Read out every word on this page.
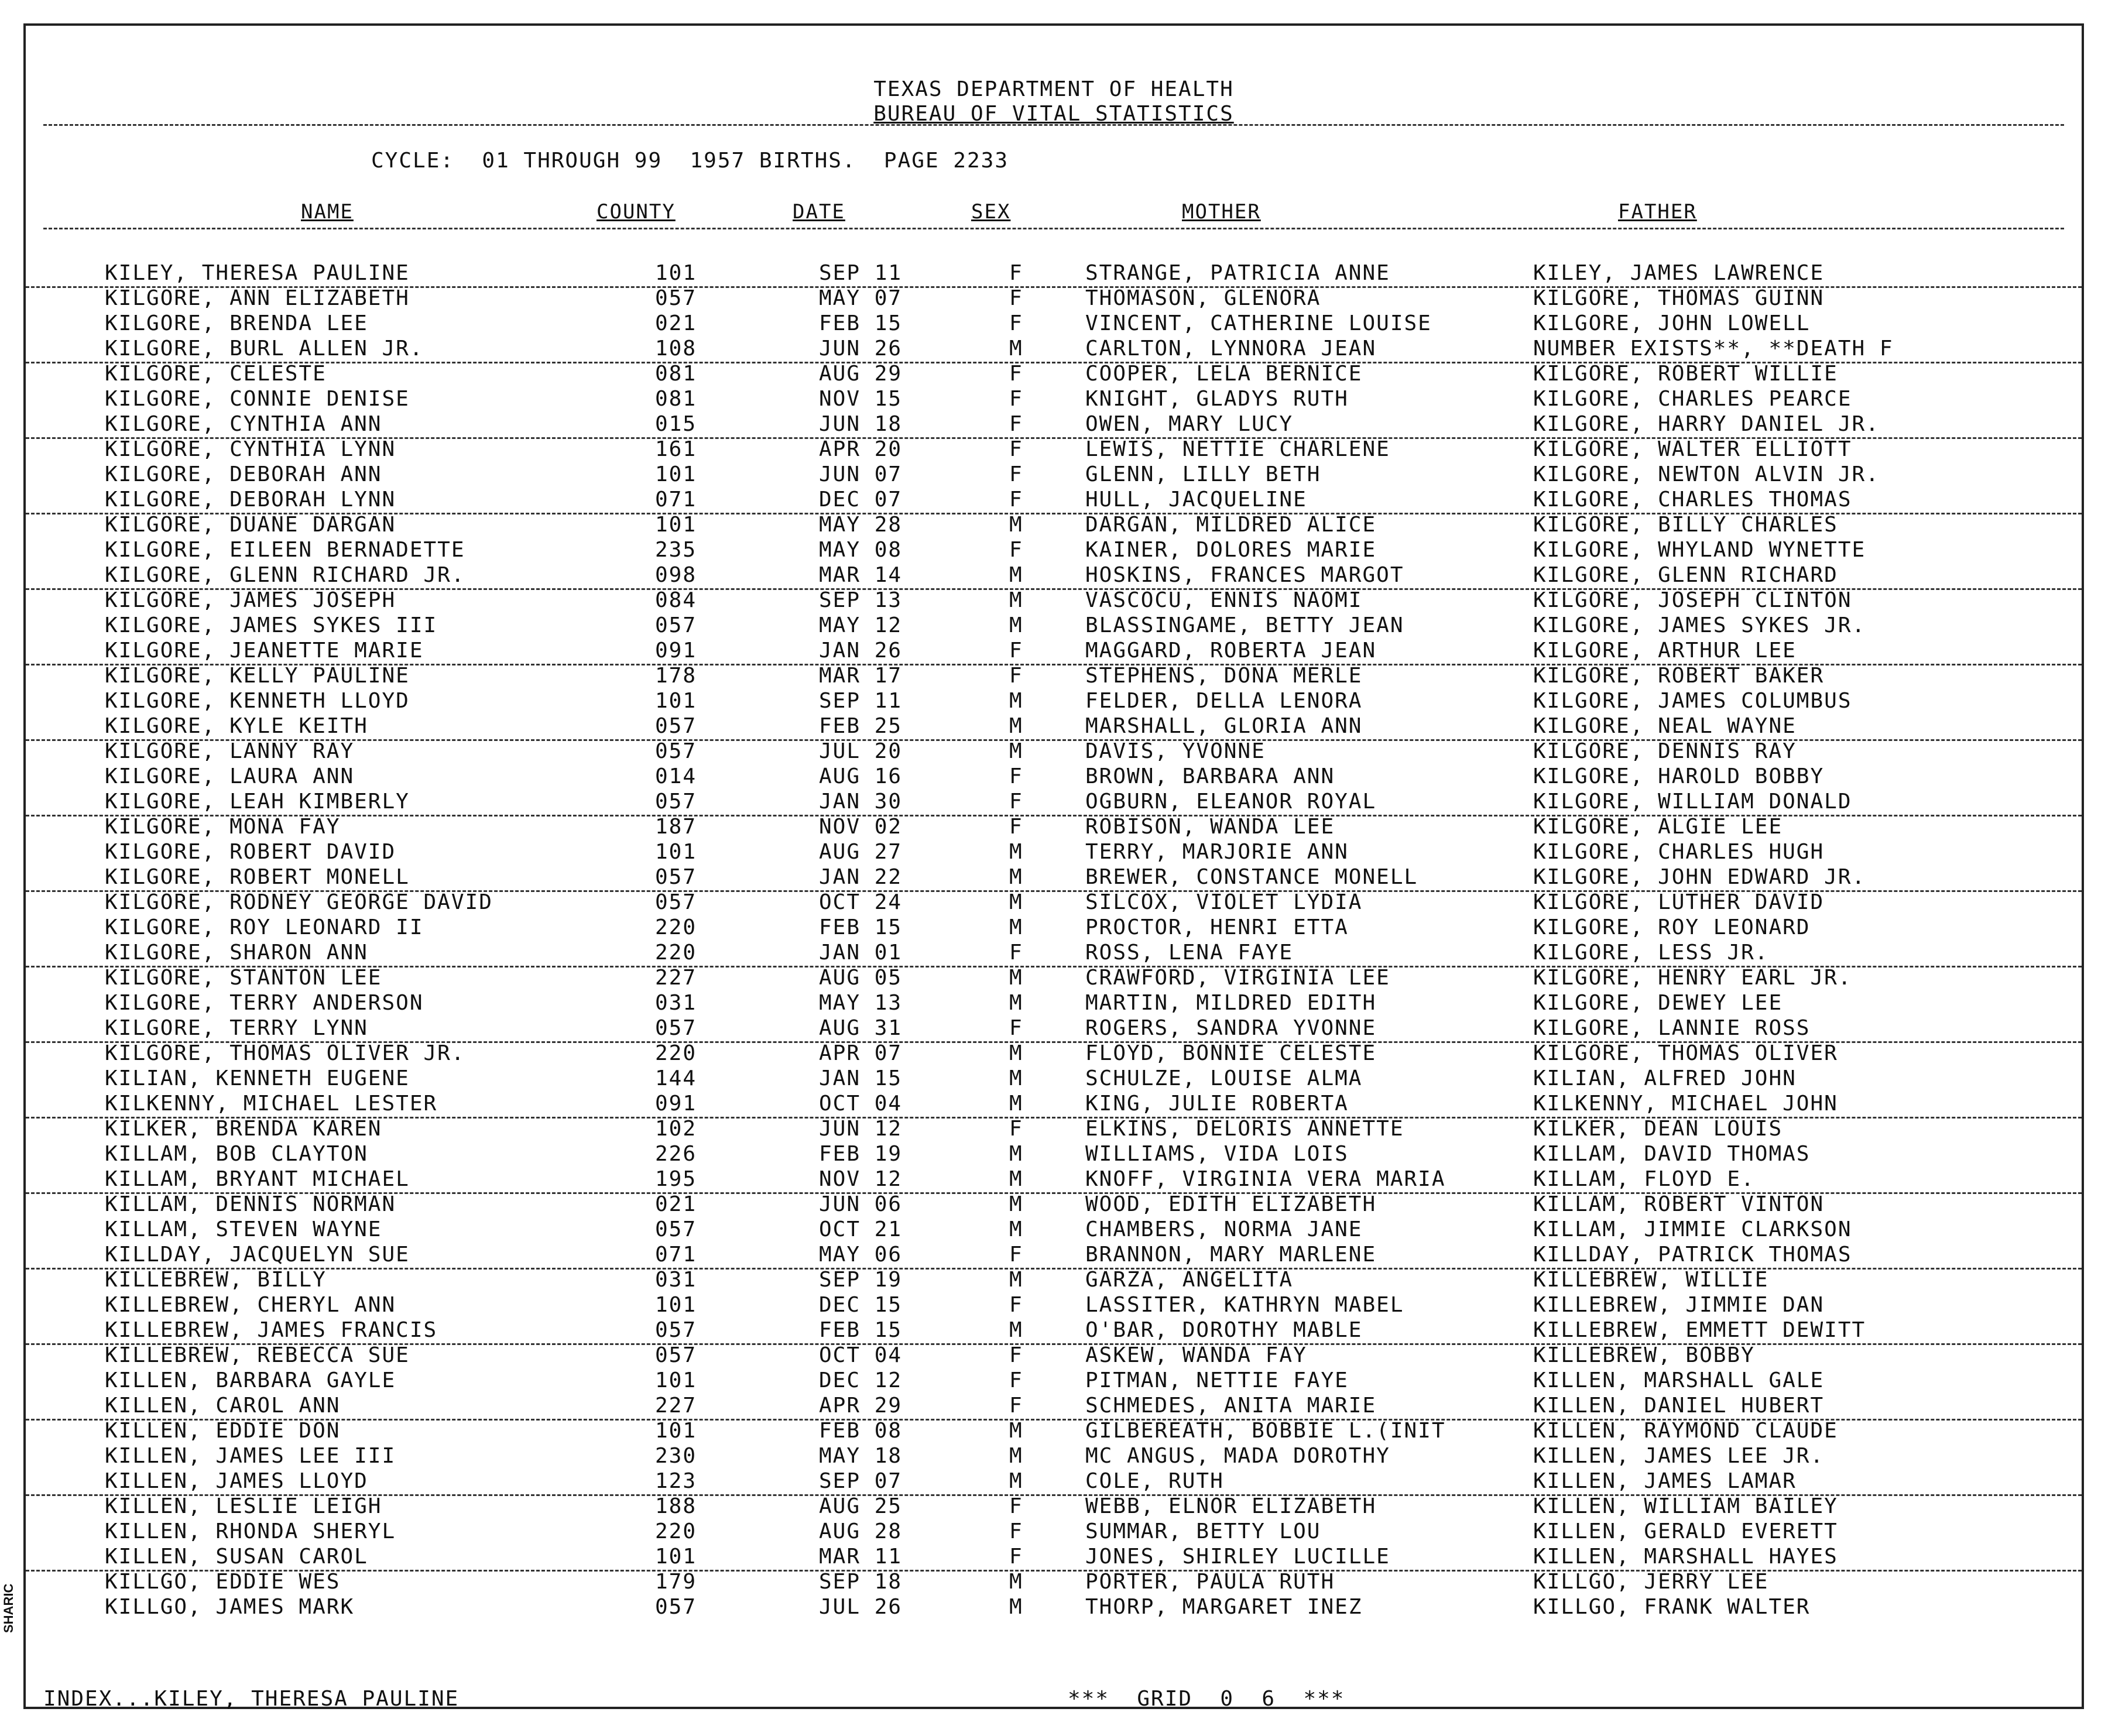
TEXAS DEPARTMENT OF HEALTH
BUREAU OF VITAL STATISTICS
CYCLE:  01 THROUGH 99  1957 BIRTHS.  PAGE 2233
NAME	COUNTY	DATE	SEX	MOTHER	FATHER
KILEY, THERESA PAULINE	101	SEP 11	F	STRANGE, PATRICIA ANNE	KILEY, JAMES LAWRENCE
KILGORE, ANN ELIZABETH	057	MAY 07	F	THOMASON, GLENORA	KILGORE, THOMAS GUINN
KILGORE, BRENDA LEE	021	FEB 15	F	VINCENT, CATHERINE LOUISE	KILGORE, JOHN LOWELL
KILGORE, BURL ALLEN JR.	108	JUN 26	M	CARLTON, LYNNORA JEAN	NUMBER EXISTS**, **DEATH F
KILGORE, CELESTE	081	AUG 29	F	COOPER, LELA BERNICE	KILGORE, ROBERT WILLIE
KILGORE, CONNIE DENISE	081	NOV 15	F	KNIGHT, GLADYS RUTH	KILGORE, CHARLES PEARCE
KILGORE, CYNTHIA ANN	015	JUN 18	F	OWEN, MARY LUCY	KILGORE, HARRY DANIEL JR.
KILGORE, CYNTHIA LYNN	161	APR 20	F	LEWIS, NETTIE CHARLENE	KILGORE, WALTER ELLIOTT
KILGORE, DEBORAH ANN	101	JUN 07	F	GLENN, LILLY BETH	KILGORE, NEWTON ALVIN JR.
KILGORE, DEBORAH LYNN	071	DEC 07	F	HULL, JACQUELINE	KILGORE, CHARLES THOMAS
KILGORE, DUANE DARGAN	101	MAY 28	M	DARGAN, MILDRED ALICE	KILGORE, BILLY CHARLES
KILGORE, EILEEN BERNADETTE	235	MAY 08	F	KAINER, DOLORES MARIE	KILGORE, WHYLAND WYNETTE
KILGORE, GLENN RICHARD JR.	098	MAR 14	M	HOSKINS, FRANCES MARGOT	KILGORE, GLENN RICHARD
KILGORE, JAMES JOSEPH	084	SEP 13	M	VASCOCU, ENNIS NAOMI	KILGORE, JOSEPH CLINTON
KILGORE, JAMES SYKES III	057	MAY 12	M	BLASSINGAME, BETTY JEAN	KILGORE, JAMES SYKES JR.
KILGORE, JEANETTE MARIE	091	JAN 26	F	MAGGARD, ROBERTA JEAN	KILGORE, ARTHUR LEE
KILGORE, KELLY PAULINE	178	MAR 17	F	STEPHENS, DONA MERLE	KILGORE, ROBERT BAKER
KILGORE, KENNETH LLOYD	101	SEP 11	M	FELDER, DELLA LENORA	KILGORE, JAMES COLUMBUS
KILGORE, KYLE KEITH	057	FEB 25	M	MARSHALL, GLORIA ANN	KILGORE, NEAL WAYNE
KILGORE, LANNY RAY	057	JUL 20	M	DAVIS, YVONNE	KILGORE, DENNIS RAY
KILGORE, LAURA ANN	014	AUG 16	F	BROWN, BARBARA ANN	KILGORE, HAROLD BOBBY
KILGORE, LEAH KIMBERLY	057	JAN 30	F	OGBURN, ELEANOR ROYAL	KILGORE, WILLIAM DONALD
KILGORE, MONA FAY	187	NOV 02	F	ROBISON, WANDA LEE	KILGORE, ALGIE LEE
KILGORE, ROBERT DAVID	101	AUG 27	M	TERRY, MARJORIE ANN	KILGORE, CHARLES HUGH
KILGORE, ROBERT MONELL	057	JAN 22	M	BREWER, CONSTANCE MONELL	KILGORE, JOHN EDWARD JR.
KILGORE, RODNEY GEORGE DAVID	057	OCT 24	M	SILCOX, VIOLET LYDIA	KILGORE, LUTHER DAVID
KILGORE, ROY LEONARD II	220	FEB 15	M	PROCTOR, HENRI ETTA	KILGORE, ROY LEONARD
KILGORE, SHARON ANN	220	JAN 01	F	ROSS, LENA FAYE	KILGORE, LESS JR.
KILGORE, STANTON LEE	227	AUG 05	M	CRAWFORD, VIRGINIA LEE	KILGORE, HENRY EARL JR.
KILGORE, TERRY ANDERSON	031	MAY 13	M	MARTIN, MILDRED EDITH	KILGORE, DEWEY LEE
KILGORE, TERRY LYNN	057	AUG 31	F	ROGERS, SANDRA YVONNE	KILGORE, LANNIE ROSS
KILGORE, THOMAS OLIVER JR.	220	APR 07	M	FLOYD, BONNIE CELESTE	KILGORE, THOMAS OLIVER
KILIAN, KENNETH EUGENE	144	JAN 15	M	SCHULZE, LOUISE ALMA	KILIAN, ALFRED JOHN
KILKENNY, MICHAEL LESTER	091	OCT 04	M	KING, JULIE ROBERTA	KILKENNY, MICHAEL JOHN
KILKER, BRENDA KAREN	102	JUN 12	F	ELKINS, DELORIS ANNETTE	KILKER, DEAN LOUIS
KILLAM, BOB CLAYTON	226	FEB 19	M	WILLIAMS, VIDA LOIS	KILLAM, DAVID THOMAS
KILLAM, BRYANT MICHAEL	195	NOV 12	M	KNOFF, VIRGINIA VERA MARIA	KILLAM, FLOYD E.
KILLAM, DENNIS NORMAN	021	JUN 06	M	WOOD, EDITH ELIZABETH	KILLAM, ROBERT VINTON
KILLAM, STEVEN WAYNE	057	OCT 21	M	CHAMBERS, NORMA JANE	KILLAM, JIMMIE CLARKSON
KILLDAY, JACQUELYN SUE	071	MAY 06	F	BRANNON, MARY MARLENE	KILLDAY, PATRICK THOMAS
KILLEBREW, BILLY	031	SEP 19	M	GARZA, ANGELITA	KILLEBREW, WILLIE
KILLEBREW, CHERYL ANN	101	DEC 15	F	LASSITER, KATHRYN MABEL	KILLEBREW, JIMMIE DAN
KILLEBREW, JAMES FRANCIS	057	FEB 15	M	O'BAR, DOROTHY MABLE	KILLEBREW, EMMETT DEWITT
KILLEBREW, REBECCA SUE	057	OCT 04	F	ASKEW, WANDA FAY	KILLEBREW, BOBBY
KILLEN, BARBARA GAYLE	101	DEC 12	F	PITMAN, NETTIE FAYE	KILLEN, MARSHALL GALE
KILLEN, CAROL ANN	227	APR 29	F	SCHMEDES, ANITA MARIE	KILLEN, DANIEL HUBERT
KILLEN, EDDIE DON	101	FEB 08	M	GILBEREATH, BOBBIE L.(INIT	KILLEN, RAYMOND CLAUDE
KILLEN, JAMES LEE III	230	MAY 18	M	MC ANGUS, MADA DOROTHY	KILLEN, JAMES LEE JR.
KILLEN, JAMES LLOYD	123	SEP 07	M	COLE, RUTH	KILLEN, JAMES LAMAR
KILLEN, LESLIE LEIGH	188	AUG 25	F	WEBB, ELNOR ELIZABETH	KILLEN, WILLIAM BAILEY
KILLEN, RHONDA SHERYL	220	AUG 28	F	SUMMAR, BETTY LOU	KILLEN, GERALD EVERETT
KILLEN, SUSAN CAROL	101	MAR 11	F	JONES, SHIRLEY LUCILLE	KILLEN, MARSHALL HAYES
KILLGO, EDDIE WES	179	SEP 18	M	PORTER, PAULA RUTH	KILLGO, JERRY LEE
KILLGO, JAMES MARK	057	JUL 26	M	THORP, MARGARET INEZ	KILLGO, FRANK WALTER
INDEX...KILEY, THERESA PAULINE	***  GRID  0  6  ***
SHARIC
